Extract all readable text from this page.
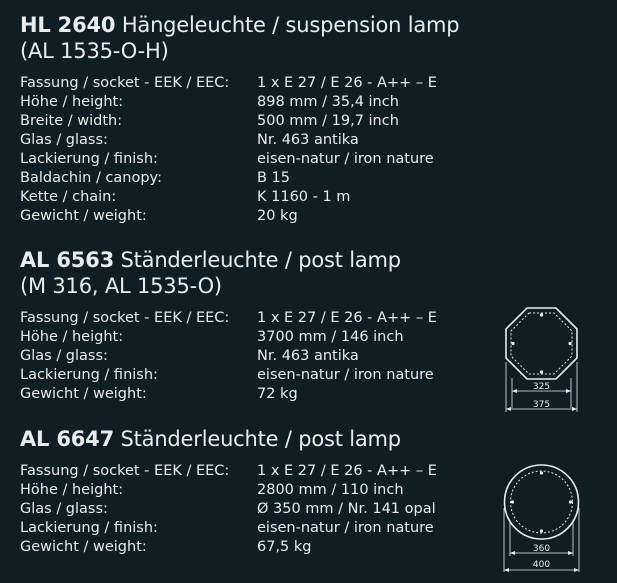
HL 2640 Hängeleuchte / suspension lamp
(AL 1535-O-H)
Fassung / socket - EEK / EEC: 1 x E 27 / E 26 - A++ – E
Höhe / height:	898 mm / 35,4 inch
Breite / width:	500 mm / 19,7 inch
Glas / glass:	Nr. 463 antika
Lackierung / finish:	eisen-natur / iron nature
Baldachin / canopy:	B 15
Kette / chain:	K 1160 - 1 m
Gewicht / weight:	20 kg
AL 6563 Ständerleuchte / post lamp
(M 316, AL 1535-O)
Fassung / socket - EEK / EEC: 1 x E 27 / E 26 - A++ – E
Höhe / height:	3700 mm / 146 inch
Glas / glass:	Nr. 463 antika
Lackierung / finish:	eisen-natur / iron nature
Gewicht / weight:	72 kg
AL 6647 Ständerleuchte / post lamp
Fassung / socket - EEK / EEC: 1 x E 27 / E 26 - A++ – E
Höhe / height:	2800 mm / 110 inch
Glas / glass:	Ø 350 mm / Nr. 141 opal
Lackierung / finish:	eisen-natur / iron nature
Gewicht / weight:	67,5 kg
325
375
360
400
